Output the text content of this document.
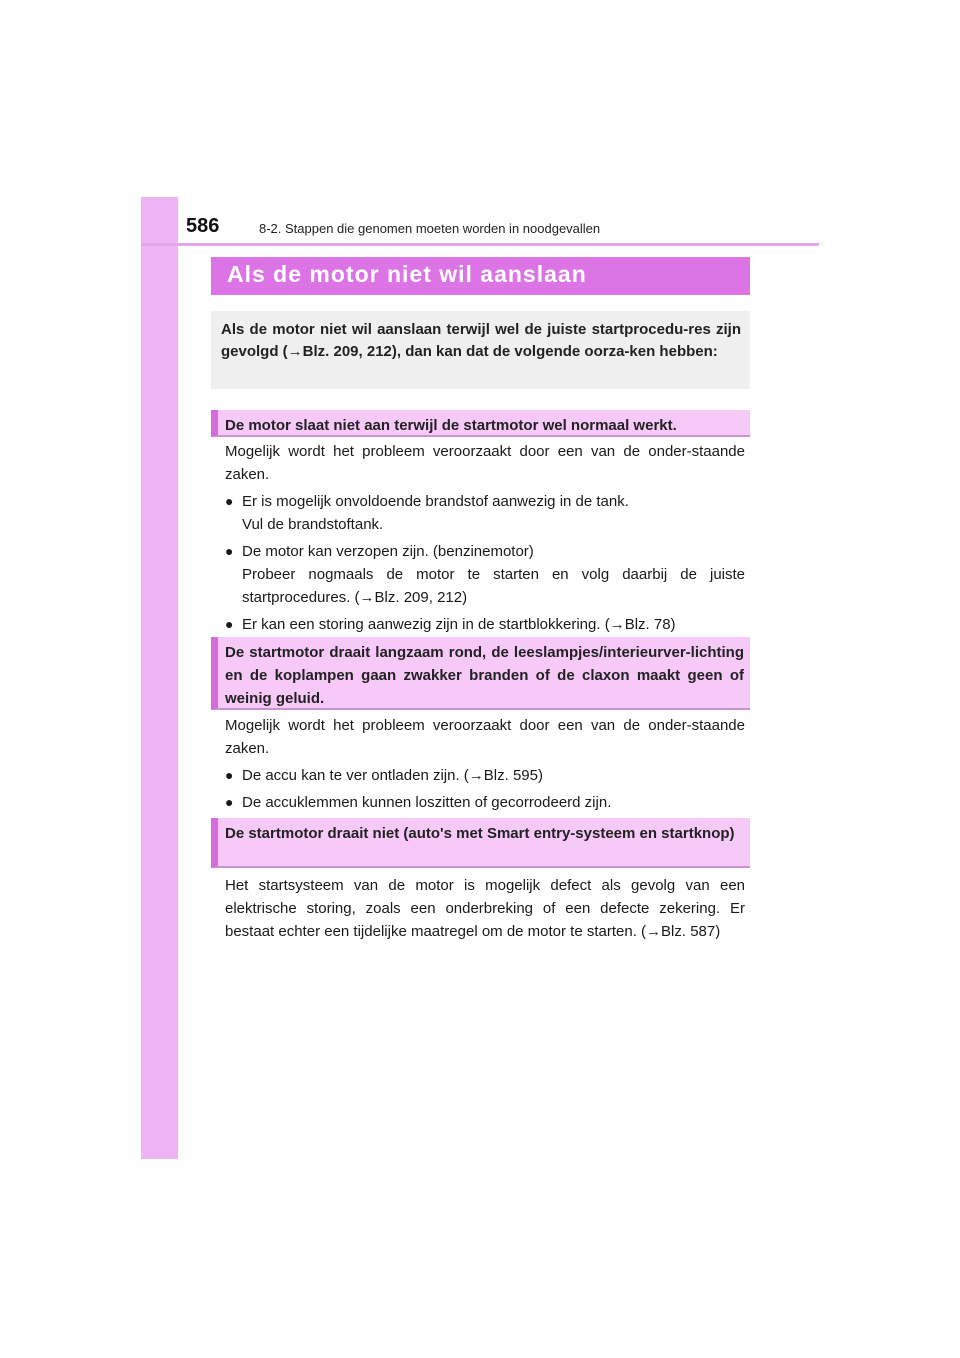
586	8-2. Stappen die genomen moeten worden in noodgevallen
Als de motor niet wil aanslaan
Als de motor niet wil aanslaan terwijl wel de juiste startprocedu-res zijn gevolgd (→Blz. 209, 212), dan kan dat de volgende oorza-ken hebben:
De motor slaat niet aan terwijl de startmotor wel normaal werkt.

Mogelijk wordt het probleem veroorzaakt door een van de onder-staande zaken.

● Er is mogelijk onvoldoende brandstof aanwezig in de tank.
Vul de brandstoftank.
● De motor kan verzopen zijn. (benzinemotor)
Probeer nogmaals de motor te starten en volg daarbij de juiste startprocedures. (→Blz. 209, 212)
● Er kan een storing aanwezig zijn in de startblokkering. (→Blz. 78)
De startmotor draait langzaam rond, de leeslampjes/interieurver-lichting en de koplampen gaan zwakker branden of de claxon maakt geen of weinig geluid.

Mogelijk wordt het probleem veroorzaakt door een van de onder-staande zaken.

● De accu kan te ver ontladen zijn. (→Blz. 595)
● De accuklemmen kunnen loszitten of gecorrodeerd zijn.
De startmotor draait niet (auto's met Smart entry-systeem en startknop)

Het startsysteem van de motor is mogelijk defect als gevolg van een elektrische storing, zoals een onderbreking of een defecte zekering. Er bestaat echter een tijdelijke maatregel om de motor te starten. (→Blz. 587)
